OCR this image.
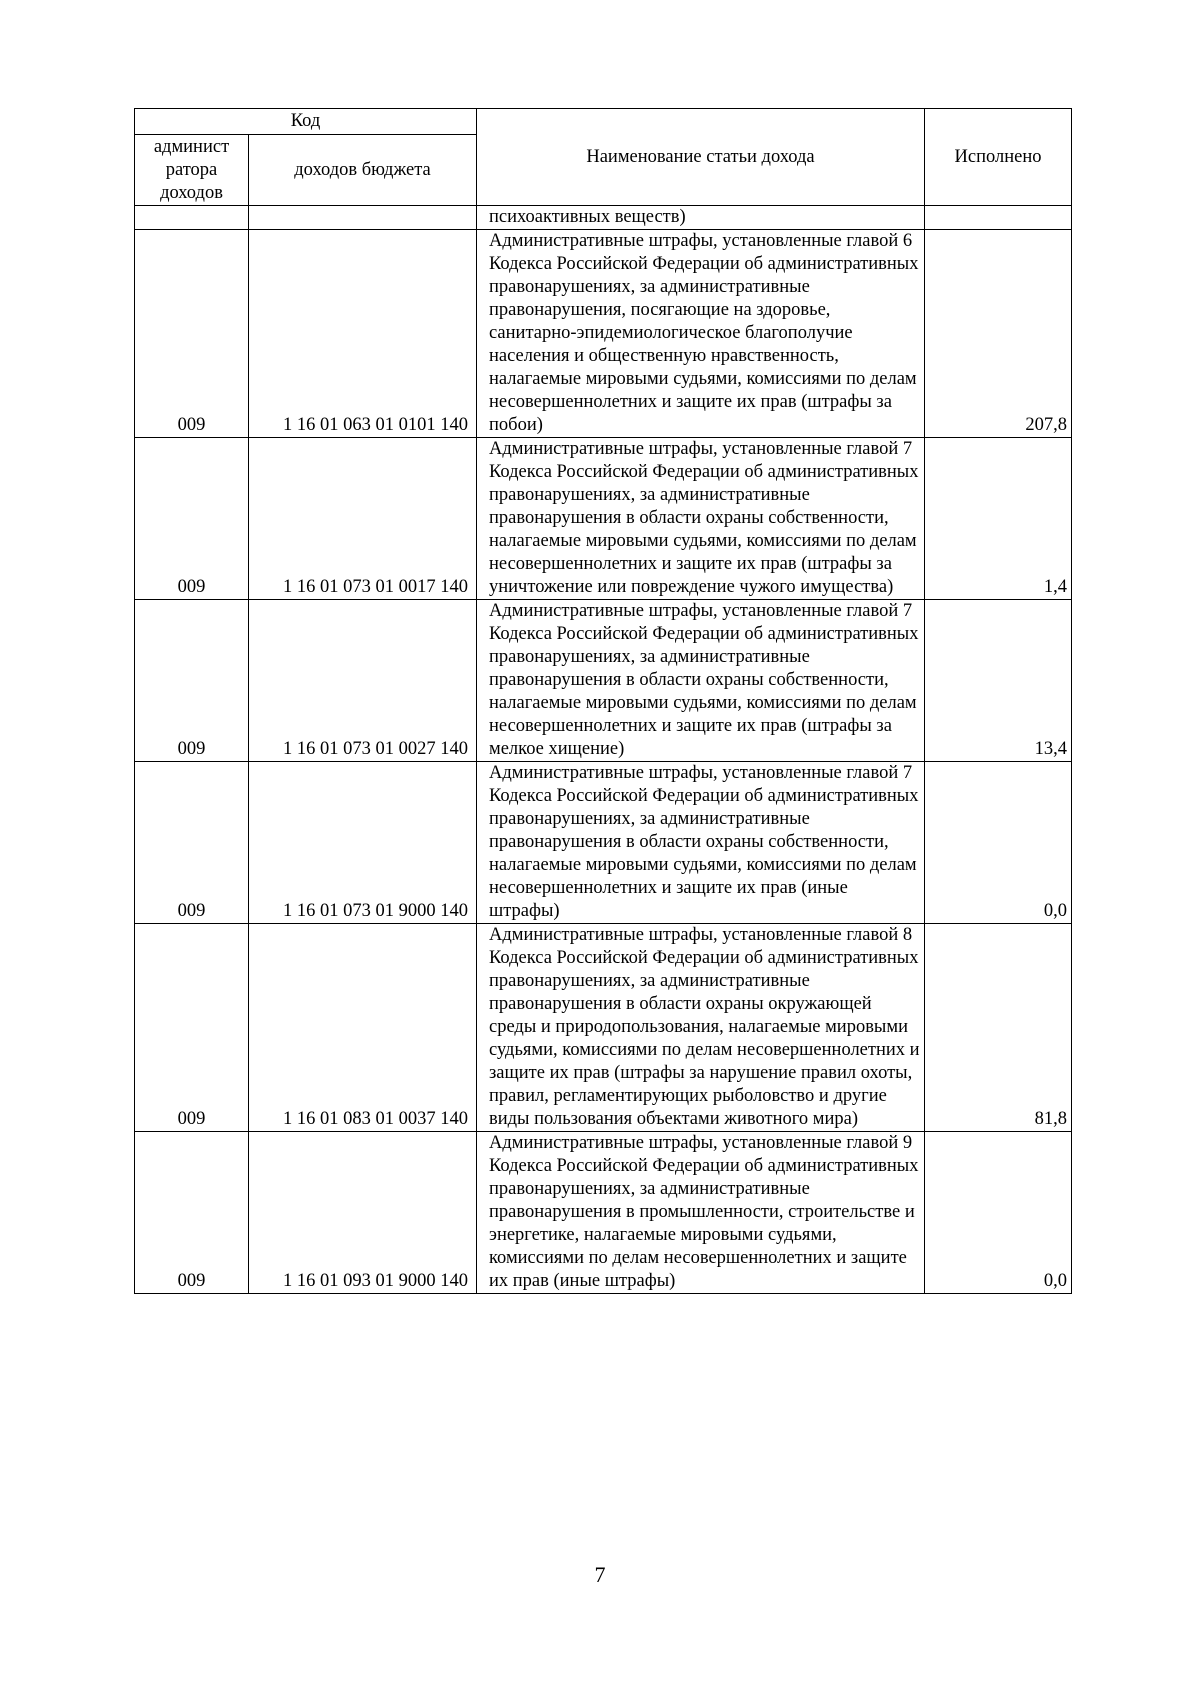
Код		Наименование статьи дохода	Исполнено
админист ратора доходов	доходов бюджета		
		психоактивных веществ)	
009	1 16 01 063 01 0101 140	Административные штрафы, установленные главой 6 Кодекса Российской Федерации об административных правонарушениях, за административные правонарушения, посягающие на здоровье, санитарно-эпидемиологическое благополучие населения и общественную нравственность, налагаемые мировыми судьями, комиссиями по делам несовершеннолетних и защите их прав (штрафы за побои)	207,8
009	1 16 01 073 01 0017 140	Административные штрафы, установленные главой 7 Кодекса Российской Федерации об административных правонарушениях, за административные правонарушения в области охраны собственности, налагаемые мировыми судьями, комиссиями по делам несовершеннолетних и защите их прав (штрафы за уничтожение или повреждение чужого имущества)	1,4
009	1 16 01 073 01 0027 140	Административные штрафы, установленные главой 7 Кодекса Российской Федерации об административных правонарушениях, за административные правонарушения в области охраны собственности, налагаемые мировыми судьями, комиссиями по делам несовершеннолетних и защите их прав (штрафы за мелкое хищение)	13,4
009	1 16 01 073 01 9000 140	Административные штрафы, установленные главой 7 Кодекса Российской Федерации об административных правонарушениях, за административные правонарушения в области охраны собственности, налагаемые мировыми судьями, комиссиями по делам несовершеннолетних и защите их прав (иные штрафы)	0,0
009	1 16 01 083 01 0037 140	Административные штрафы, установленные главой 8 Кодекса Российской Федерации об административных правонарушениях, за административные правонарушения в области охраны окружающей среды и природопользования, налагаемые мировыми судьями, комиссиями по делам несовершеннолетних и защите их прав (штрафы за нарушение правил охоты, правил, регламентирующих рыболовство и другие виды пользования объектами животного мира)	81,8
009	1 16 01 093 01 9000 140	Административные штрафы, установленные главой 9 Кодекса Российской Федерации об административных правонарушениях, за административные правонарушения в промышленности, строительстве и энергетике, налагаемые мировыми судьями, комиссиями по делам несовершеннолетних и защите их прав (иные штрафы)	0,0
7
